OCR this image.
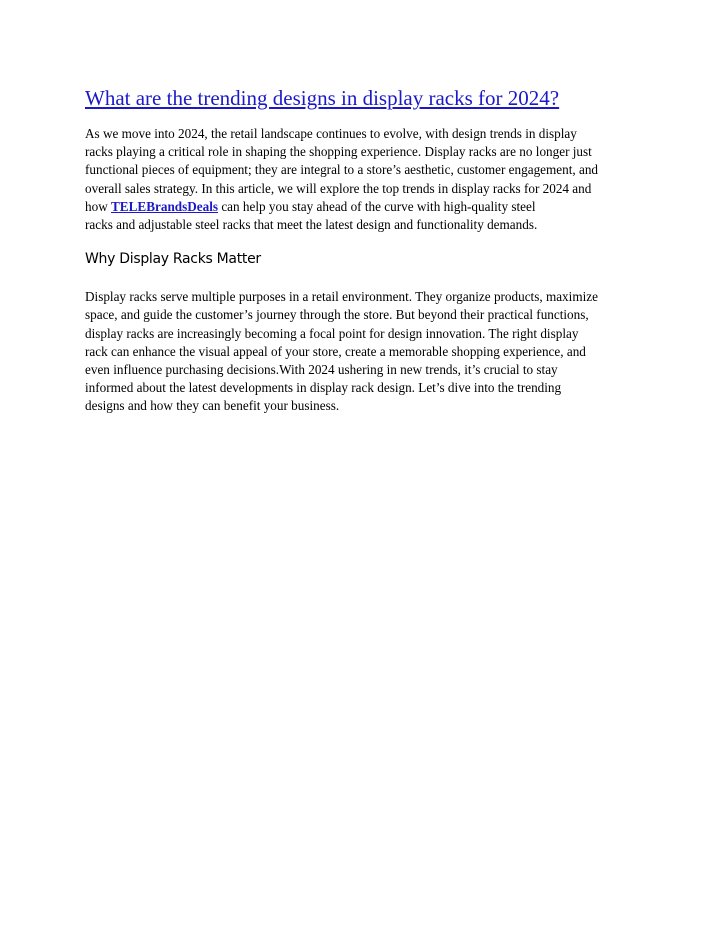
What are the trending designs in display racks for 2024?

As we move into 2024, the retail landscape continues to evolve, with design trends in display
racks playing a critical role in shaping the shopping experience. Display racks are no longer just
functional pieces of equipment; they are integral to a store’s aesthetic, customer engagement, and
overall sales strategy. In this article, we will explore the top trends in display racks for 2024 and
how TELEBrandsDeals can help you stay ahead of the curve with high-quality steel
racks and adjustable steel racks that meet the latest design and functionality demands.

Why Display Racks Matter

Display racks serve multiple purposes in a retail environment. They organize products, maximize
space, and guide the customer’s journey through the store. But beyond their practical functions,
display racks are increasingly becoming a focal point for design innovation. The right display
rack can enhance the visual appeal of your store, create a memorable shopping experience, and
even influence purchasing decisions.With 2024 ushering in new trends, it’s crucial to stay
informed about the latest developments in display rack design. Let’s dive into the trending
designs and how they can benefit your business.
